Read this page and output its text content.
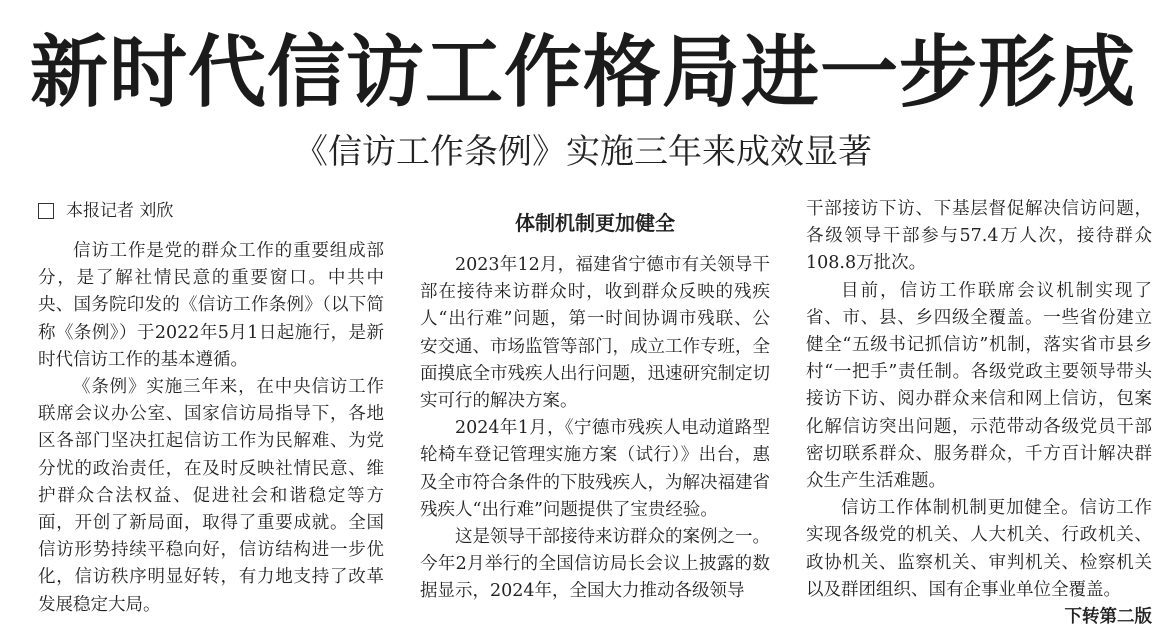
新时代信访工作格局进一步形成
《信访工作条例》实施三年来成效显著
本报记者 刘欣

信访工作是党的群众工作的重要组成部分，是了解社情民意的重要窗口。中共中央、国务院印发的《信访工作条例》（以下简称《条例》）于2022年5月1日起施行，是新时代信访工作的基本遵循。

《条例》实施三年来，在中央信访工作联席会议办公室、国家信访局指导下，各地区各部门坚决扛起信访工作为民解难、为党分忧的政治责任，在及时反映社情民意、维护群众合法权益、促进社会和谐稳定等方面，开创了新局面，取得了重要成就。全国信访形势持续平稳向好，信访结构进一步优化，信访秩序明显好转，有力地支持了改革发展稳定大局。

体制机制更加健全

2023年12月，福建省宁德市有关领导干部在接待来访群众时，收到群众反映的残疾人“出行难”问题，第一时间协调市残联、公安交通、市场监管等部门，成立工作专班，全面摸底全市残疾人出行问题，迅速研究制定切实可行的解决方案。

2024年1月，《宁德市残疾人电动道路型轮椅车登记管理实施方案（试行）》出台，惠及全市符合条件的下肢残疾人，为解决福建省残疾人“出行难”问题提供了宝贵经验。

这是领导干部接待来访群众的案例之一。今年2月举行的全国信访局长会议上披露的数据显示，2024年，全国大力推动各级领导

干部接访下访、下基层督促解决信访问题，各级领导干部参与57.4万人次，接待群众108.8万批次。

目前，信访工作联席会议机制实现了省、市、县、乡四级全覆盖。一些省份建立健全“五级书记抓信访”机制，落实省市县乡村“一把手”责任制。各级党政主要领导带头接访下访、阅办群众来信和网上信访，包案化解信访突出问题，示范带动各级党员干部密切联系群众、服务群众，千方百计解决群众生产生活难题。

信访工作体制机制更加健全。信访工作实现各级党的机关、人大机关、行政机关、政协机关、监察机关、审判机关、检察机关以及群团组织、国有企事业单位全覆盖。

下转第二版
